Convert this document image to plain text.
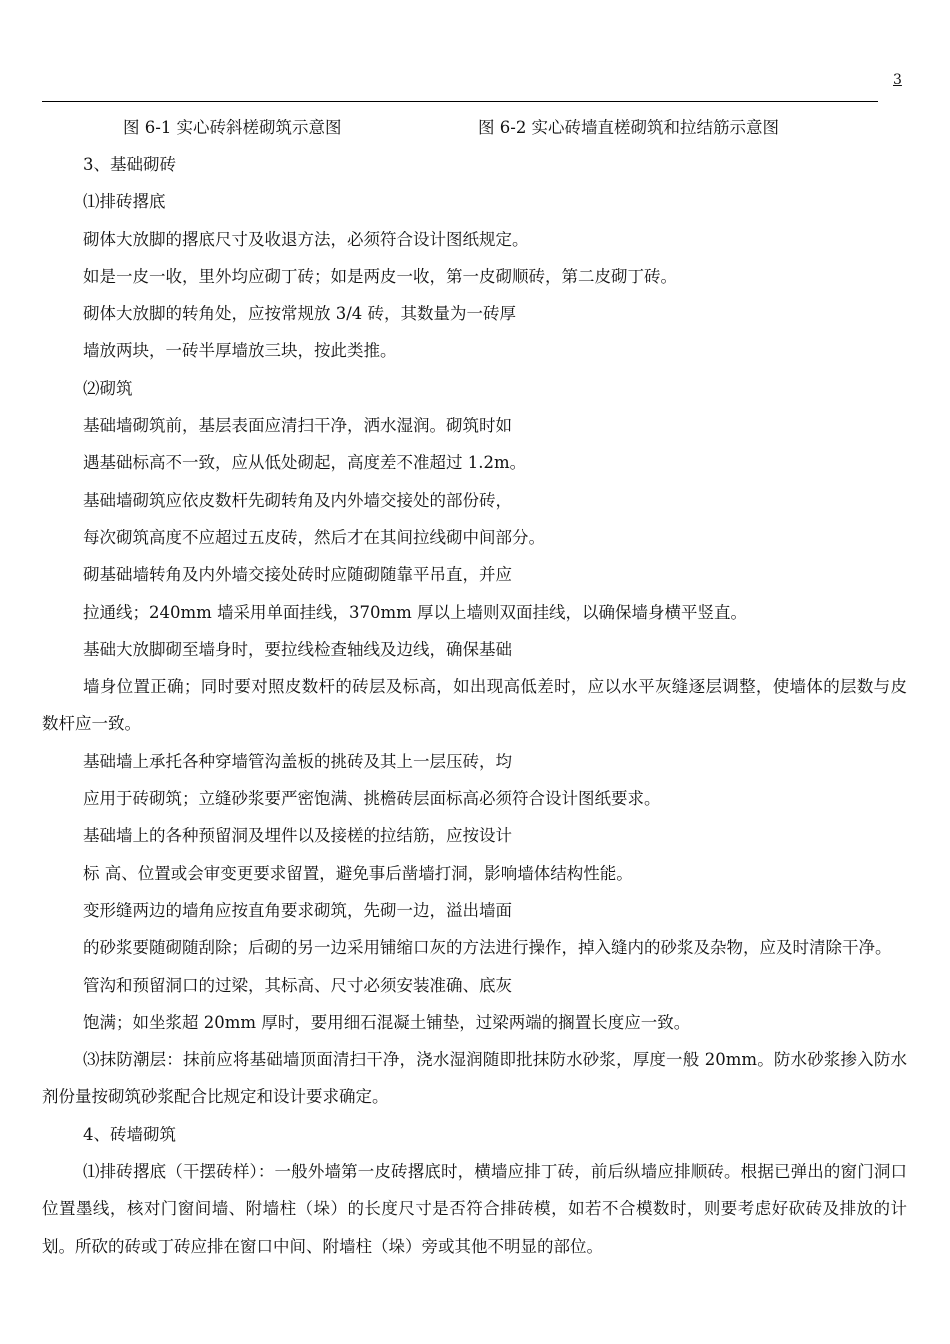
3
图 6-1 实心砖斜槎砌筑示意图	图 6-2 实心砖墙直槎砌筑和拉结筋示意图

3、基础砌砖

⑴排砖撂底

砌体大放脚的撂底尺寸及收退方法，必须符合设计图纸规定。

如是一皮一收，里外均应砌丁砖；如是两皮一收，第一皮砌顺砖，第二皮砌丁砖。

砌体大放脚的转角处，应按常规放 3/4 砖，其数量为一砖厚

墙放两块，一砖半厚墙放三块，按此类推。

⑵砌筑

基础墙砌筑前，基层表面应清扫干净，洒水湿润。砌筑时如

遇基础标高不一致，应从低处砌起，高度差不准超过 1.2m。

基础墙砌筑应依皮数杆先砌转角及内外墙交接处的部份砖，

每次砌筑高度不应超过五皮砖，然后才在其间拉线砌中间部分。

砌基础墙转角及内外墙交接处砖时应随砌随靠平吊直，并应

拉通线；240mm 墙采用单面挂线，370mm 厚以上墙则双面挂线，以确保墙身横平竖直。

基础大放脚砌至墙身时，要拉线检查轴线及边线，确保基础

墙身位置正确；同时要对照皮数杆的砖层及标高，如出现高低差时，应以水平灰缝逐层调整，使墙体的层数与皮数杆应一致。

基础墙上承托各种穿墙管沟盖板的挑砖及其上一层压砖，均

应用于砖砌筑；立缝砂浆要严密饱满、挑檐砖层面标高必须符合设计图纸要求。

基础墙上的各种预留洞及埋件以及接槎的拉结筋，应按设计

标 高、位置或会审变更要求留置，避免事后凿墙打洞，影响墙体结构性能。

变形缝两边的墙角应按直角要求砌筑，先砌一边，溢出墙面

的砂浆要随砌随刮除；后砌的另一边采用铺缩口灰的方法进行操作，掉入缝内的砂浆及杂物，应及时清除干净。

管沟和预留洞口的过梁，其标高、尺寸必须安装准确、底灰

饱满；如坐浆超 20mm 厚时，要用细石混凝土铺垫，过梁两端的搁置长度应一致。

⑶抹防潮层：抹前应将基础墙顶面清扫干净，浇水湿润随即批抹防水砂浆，厚度一般 20mm。防水砂浆掺入防水剂份量按砌筑砂浆配合比规定和设计要求确定。

4、砖墙砌筑

⑴排砖撂底（干摆砖样）：一般外墙第一皮砖撂底时，横墙应排丁砖，前后纵墙应排顺砖。根据已弹出的窗门洞口位置墨线，核对门窗间墙、附墙柱（垛）的长度尺寸是否符合排砖模，如若不合模数时，则要考虑好砍砖及排放的计划。所砍的砖或丁砖应排在窗口中间、附墙柱（垛）旁或其他不明显的部位。
